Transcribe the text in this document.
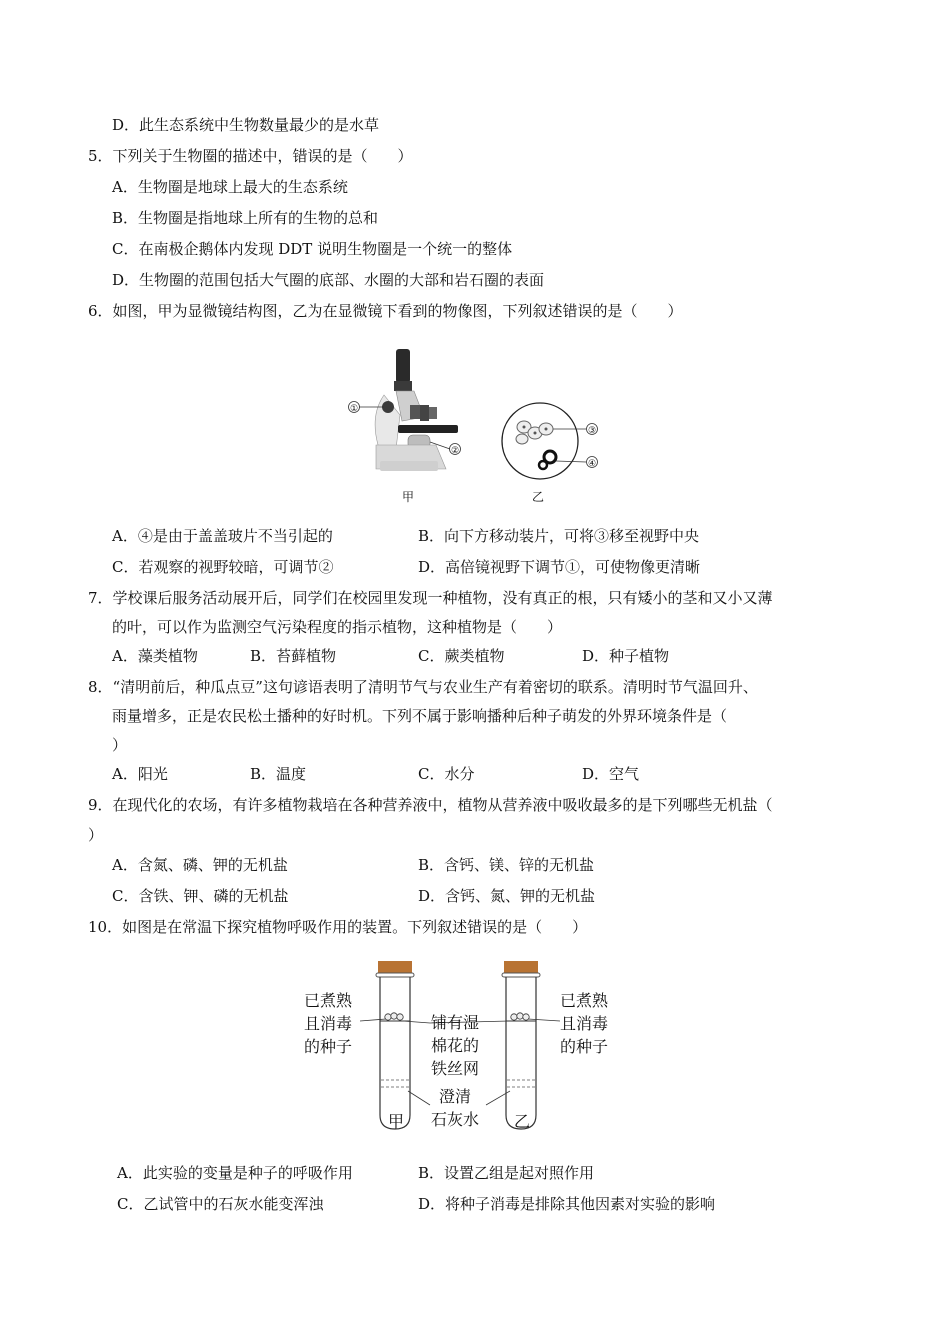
D．此生态系统中生物数量最少的是水草
5．下列关于生物圈的描述中，错误的是（　　）
A．生物圈是地球上最大的生态系统
B．生物圈是指地球上所有的生物的总和
C．在南极企鹅体内发现 DDT 说明生物圈是一个统一的整体
D．生物圈的范围包括大气圈的底部、水圈的大部和岩石圈的表面
6．如图，甲为显微镜结构图，乙为在显微镜下看到的物像图，下列叙述错误的是（　　）
①
②
③
④
甲	乙
A．④是由于盖盖玻片不当引起的	B．向下方移动装片，可将③移至视野中央
C．若观察的视野较暗，可调节②	D．高倍镜视野下调节①，可使物像更清晰
7．学校课后服务活动展开后，同学们在校园里发现一种植物，没有真正的根，只有矮小的茎和又小又薄
的叶，可以作为监测空气污染程度的指示植物，这种植物是（　　）
A．藻类植物	B．苔藓植物	C．蕨类植物	D．种子植物
8．“清明前后，种瓜点豆”这句谚语表明了清明节气与农业生产有着密切的联系。清明时节气温回升、
雨量增多，正是农民松土播种的好时机。下列不属于影响播种后种子萌发的外界环境条件是（
）
A．阳光	B．温度	C．水分	D．空气
9．在现代化的农场，有许多植物栽培在各种营养液中，植物从营养液中吸收最多的是下列哪些无机盐（
）
A．含氮、磷、钾的无机盐	B．含钙、镁、锌的无机盐
C．含铁、钾、磷的无机盐	D．含钙、氮、钾的无机盐
10．如图是在常温下探究植物呼吸作用的装置。下列叙述错误的是（　　）
已煮熟
且消毒
的种子
已煮熟
且消毒
的种子
铺有湿
棉花的
铁丝网
澄清
石灰水
甲	乙
A．此实验的变量是种子的呼吸作用	B．设置乙组是起对照作用
C．乙试管中的石灰水能变浑浊	D．将种子消毒是排除其他因素对实验的影响
